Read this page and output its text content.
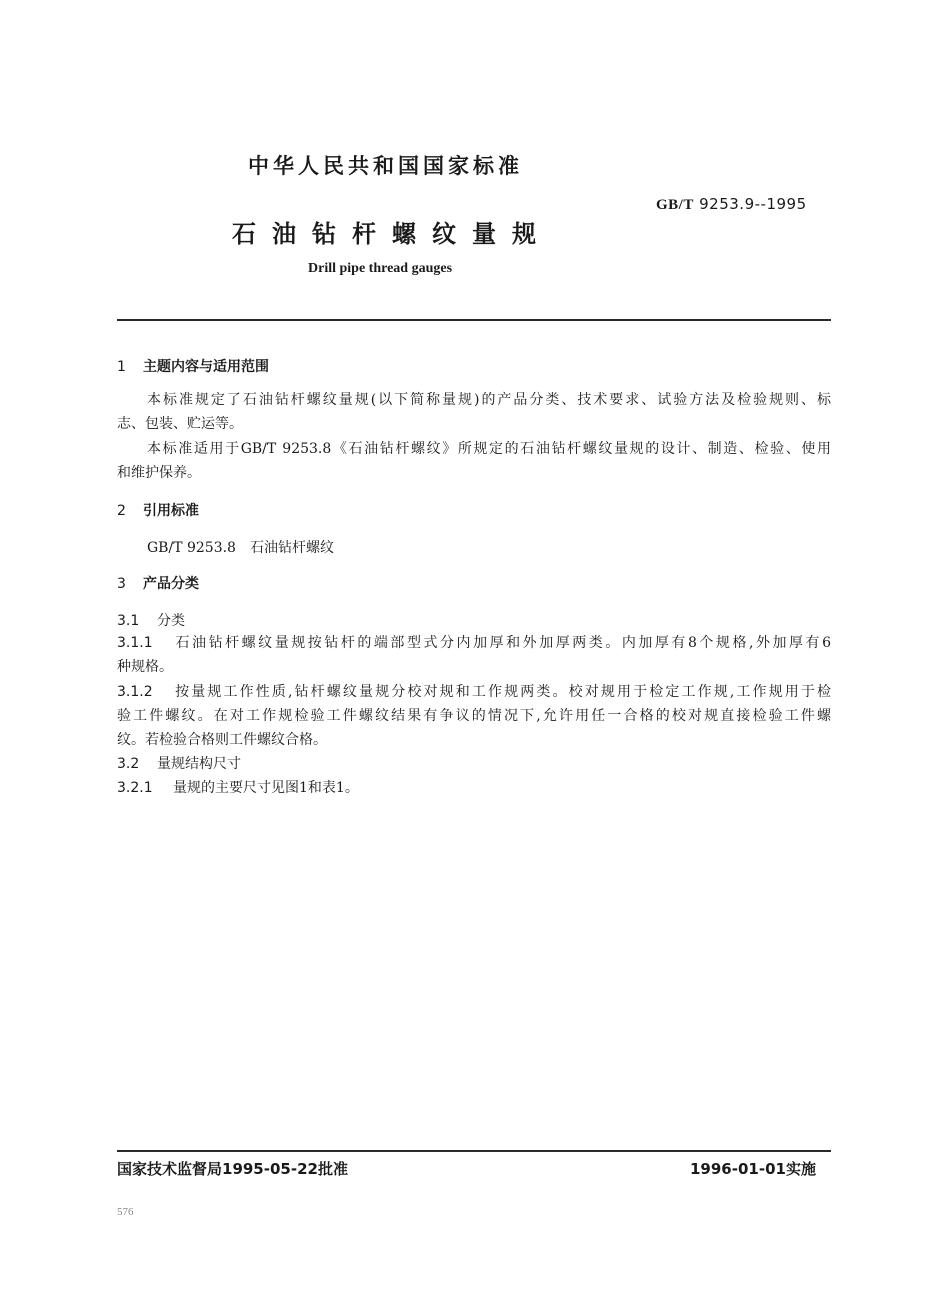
中华人民共和国国家标准
GB/T 9253.9--1995
石油钻杆螺纹量规
Drill pipe thread gauges
1 主题内容与适用范围
本标准规定了石油钻杆螺纹量规(以下简称量规)的产品分类、技术要求、试验方法及检验规则、标
志、包装、贮运等。
本标准适用于GB/T 9253.8《石油钻杆螺纹》所规定的石油钻杆螺纹量规的设计、制造、检验、使用
和维护保养。
2 引用标准
GB/T 9253.8 石油钻杆螺纹
3 产品分类
3.1 分类
3.1.1 石油钻杆螺纹量规按钻杆的端部型式分内加厚和外加厚两类。内加厚有8个规格,外加厚有6
种规格。
3.1.2 按量规工作性质,钻杆螺纹量规分校对规和工作规两类。校对规用于检定工作规,工作规用于检
验工件螺纹。在对工作规检验工件螺纹结果有争议的情况下,允许用任一合格的校对规直接检验工件螺
纹。若检验合格则工件螺纹合格。
3.2 量规结构尺寸
3.2.1 量规的主要尺寸见图1和表1。
国家技术监督局1995-05-22批准	1996-01-01实施
576
